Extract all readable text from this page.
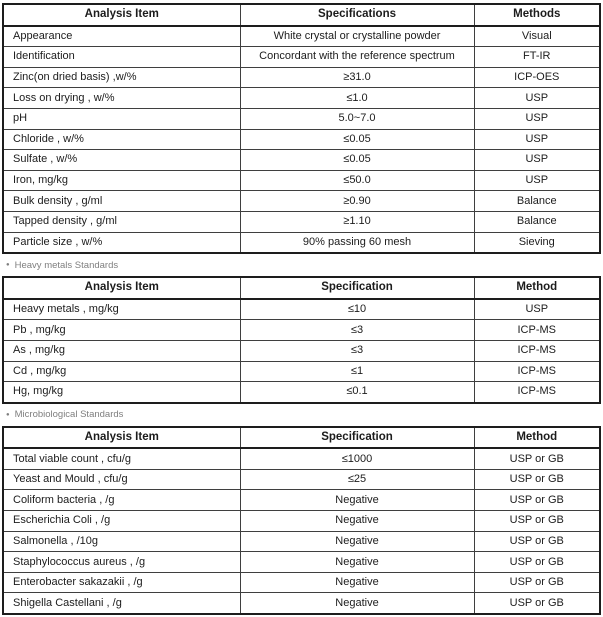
Analysis Item	Specifications	Methods
Appearance	White crystal or crystalline powder	Visual
Identification	Concordant with the reference spectrum	FT-IR
Zinc(on dried basis) ,w/%	≥31.0	ICP-OES
Loss on drying , w/%	≤1.0	USP
pH	5.0~7.0	USP
Chloride , w/%	≤0.05	USP
Sulfate , w/%	≤0.05	USP
Iron, mg/kg	≤50.0	USP
Bulk density , g/ml	≥0.90	Balance
Tapped density , g/ml	≥1.10	Balance
Particle size , w/%	90% passing 60 mesh	Sieving
● Heavy metals Standards
Analysis Item	Specification	Method
Heavy metals , mg/kg	≤10	USP
Pb , mg/kg	≤3	ICP-MS
As , mg/kg	≤3	ICP-MS
Cd , mg/kg	≤1	ICP-MS
Hg, mg/kg	≤0.1	ICP-MS
● Microbiological Standards
Analysis Item	Specification	Method
Total viable count , cfu/g	≤1000	USP or GB
Yeast and Mould , cfu/g	≤25	USP or GB
Coliform bacteria , /g	Negative	USP or GB
Escherichia Coli , /g	Negative	USP or GB
Salmonella , /10g	Negative	USP or GB
Staphylococcus aureus , /g	Negative	USP or GB
Enterobacter sakazakii , /g	Negative	USP or GB
Shigella Castellani , /g	Negative	USP or GB
